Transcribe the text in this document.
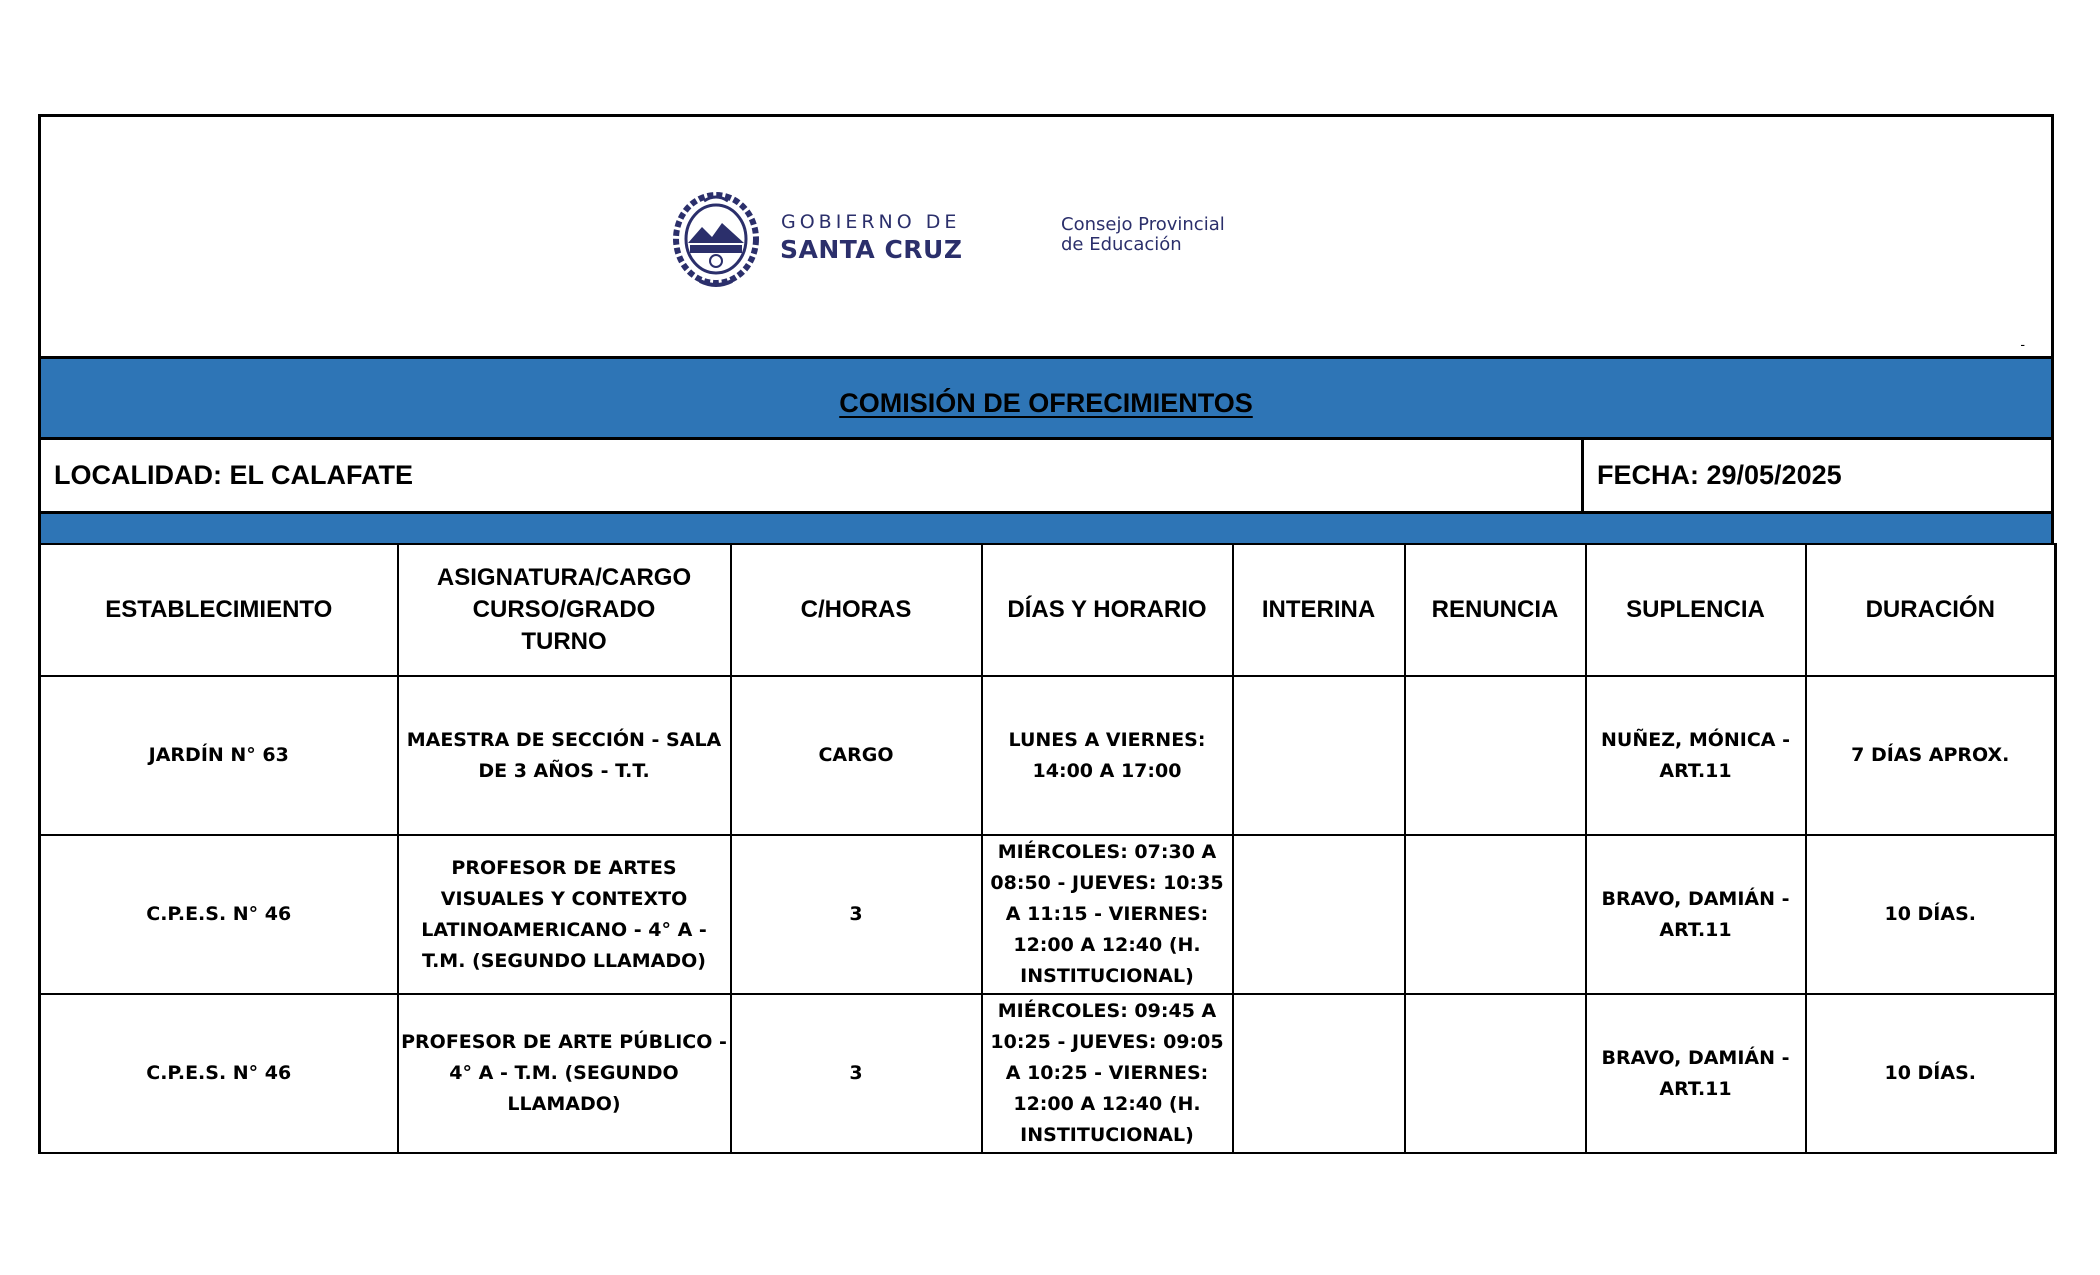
GOBIERNO DE
SANTA CRUZ
Consejo Provincial
de Educación
-
COMISIÓN DE OFRECIMIENTOS
LOCALIDAD: EL CALAFATE	FECHA: 29/05/2025
ESTABLECIMIENTO	ASIGNATURA/CARGO CURSO/GRADO TURNO	C/HORAS	DÍAS Y HORARIO	INTERINA	RENUNCIA	SUPLENCIA	DURACIÓN
JARDÍN N° 63	MAESTRA DE SECCIÓN - SALA DE 3 AÑOS - T.T.	CARGO	LUNES A VIERNES: 14:00 A 17:00			NUÑEZ, MÓNICA - ART.11	7 DÍAS APROX.
C.P.E.S. N° 46	PROFESOR DE ARTES VISUALES Y CONTEXTO LATINOAMERICANO - 4° A - T.M. (SEGUNDO LLAMADO)	3	MIÉRCOLES: 07:30 A 08:50 - JUEVES: 10:35 A 11:15 - VIERNES: 12:00 A 12:40 (H. INSTITUCIONAL)			BRAVO, DAMIÁN - ART.11	10 DÍAS.
C.P.E.S. N° 46	PROFESOR DE ARTE PÚBLICO - 4° A - T.M. (SEGUNDO LLAMADO)	3	MIÉRCOLES: 09:45 A 10:25 - JUEVES: 09:05 A 10:25 - VIERNES: 12:00 A 12:40 (H. INSTITUCIONAL)			BRAVO, DAMIÁN - ART.11	10 DÍAS.
